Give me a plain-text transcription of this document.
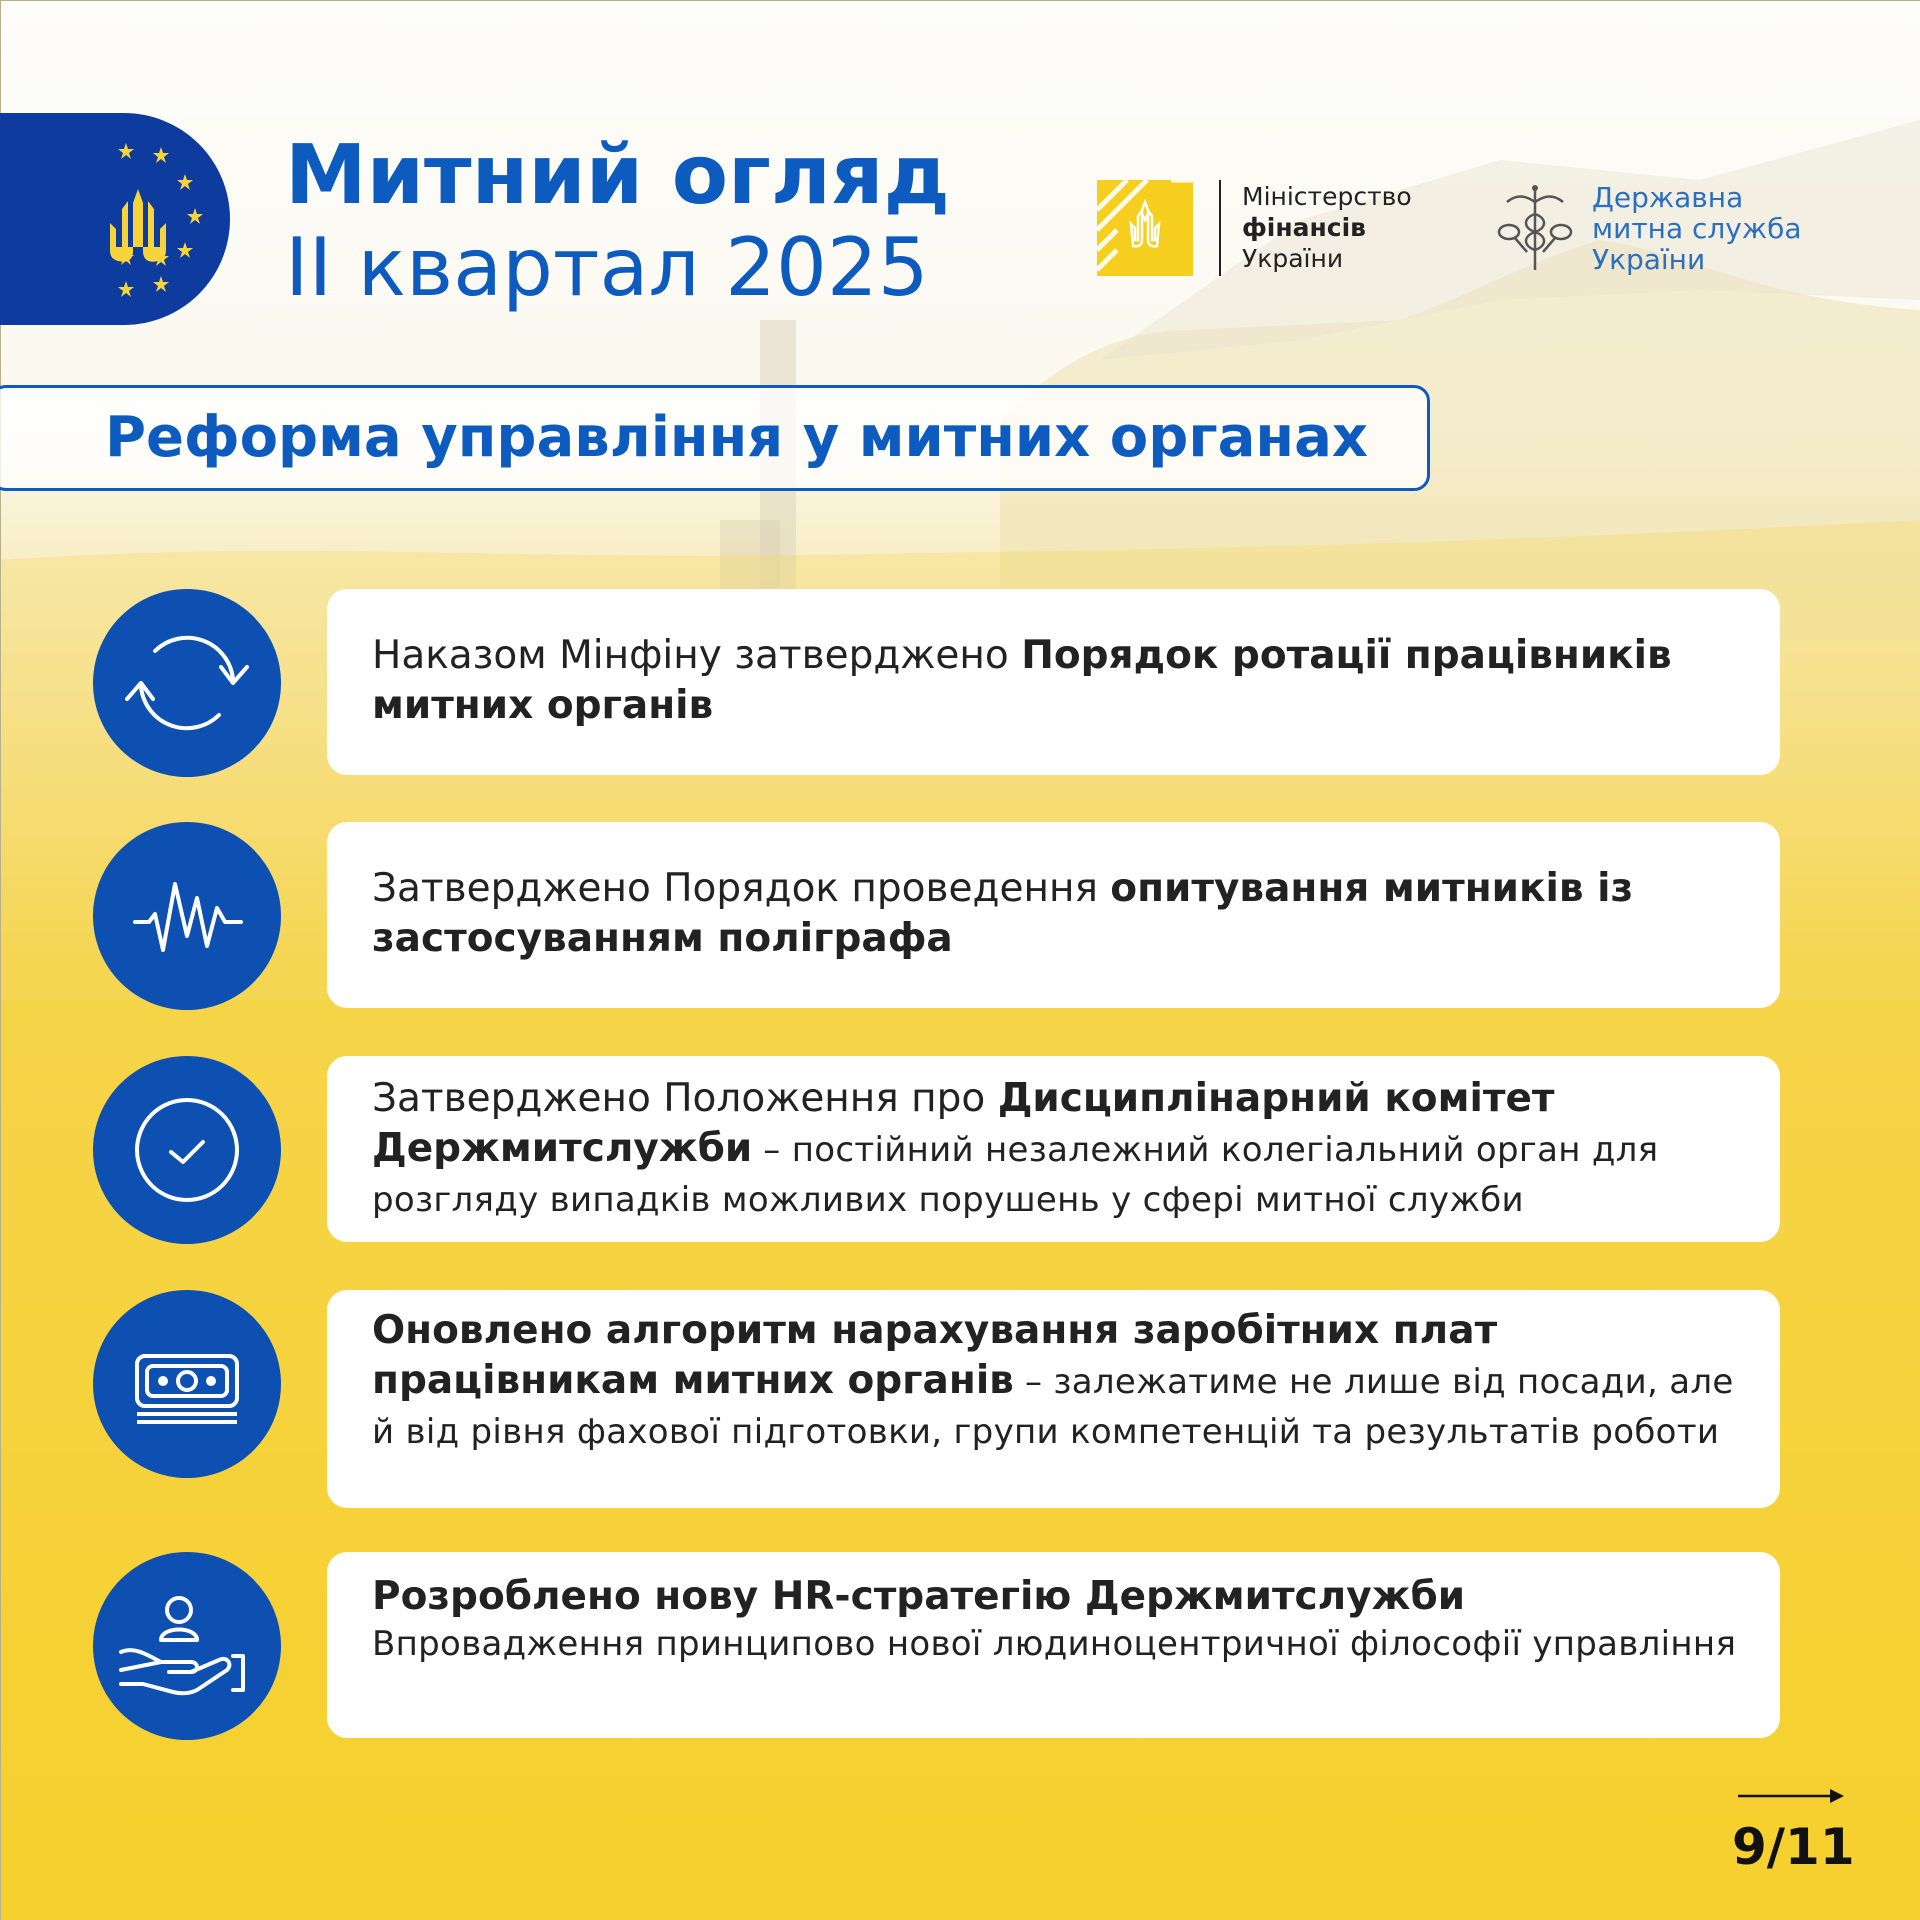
Митний огляд
II квартал 2025
Міністерство
фінансів
України
Державна
митна служба
України
Реформа управління у митних органах
Наказом Мінфіну затверджено Порядок ротації працівників митних органів
Затверджено Порядок проведення опитування митників із застосуванням поліграфа
Затверджено Положення про Дисциплінарний комітет Держмитслужби – постійний незалежний колегіальний орган для розгляду випадків можливих порушень у сфері митної служби
Оновлено алгоритм нарахування заробітних плат працівникам митних органів – залежатиме не лише від посади, але й від рівня фахової підготовки, групи компетенцій та результатів роботи
Розроблено нову HR-стратегію Держмитслужби
Впровадження принципово нової людиноцентричної філософії управління
9/11
